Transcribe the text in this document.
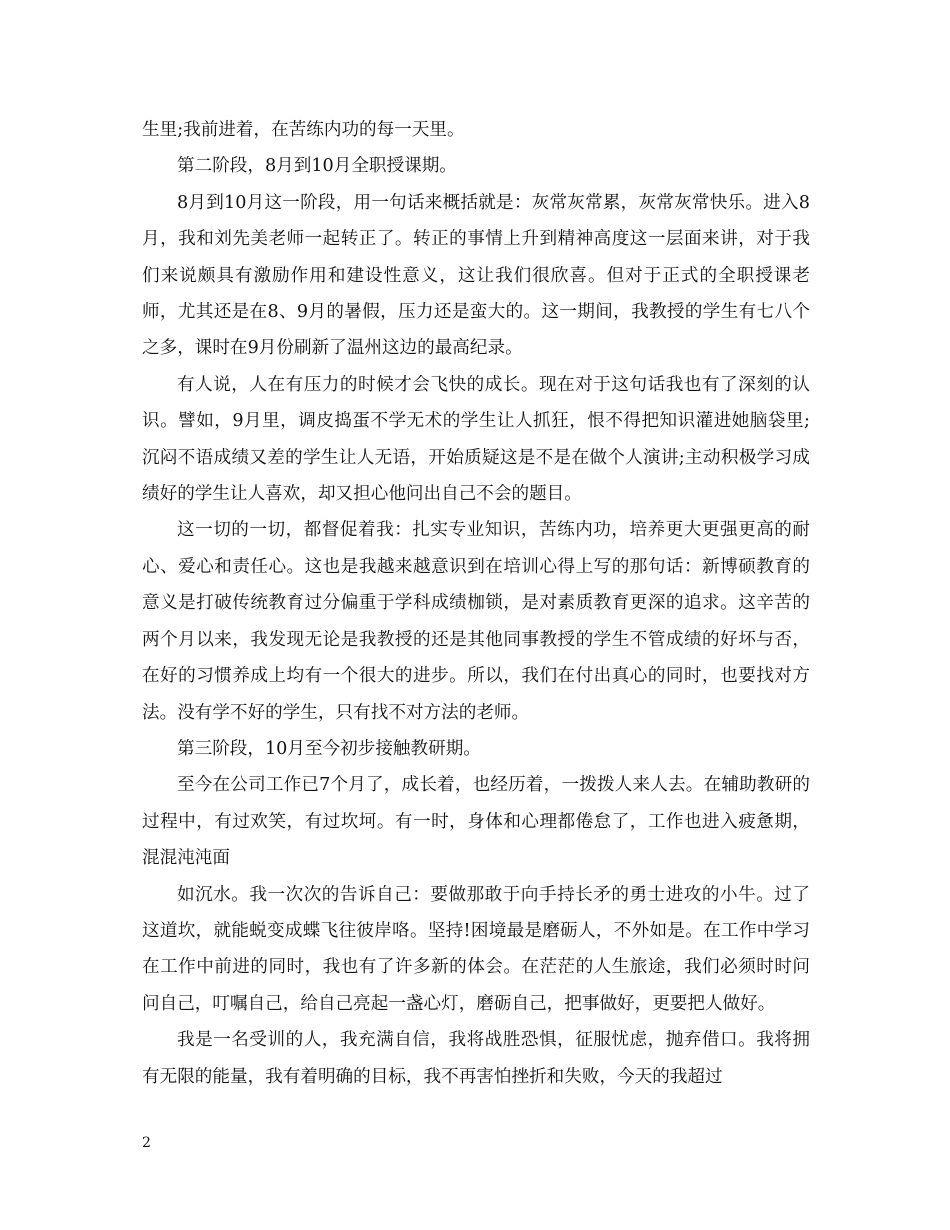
生里;我前进着，在苦练内功的每一天里。

第二阶段，8月到10月全职授课期。

8月到10月这一阶段，用一句话来概括就是：灰常灰常累，灰常灰常快乐。进入8月，我和刘先美老师一起转正了。转正的事情上升到精神高度这一层面来讲，对于我们来说颇具有激励作用和建设性意义，这让我们很欣喜。但对于正式的全职授课老师，尤其还是在8、9月的暑假，压力还是蛮大的。这一期间，我教授的学生有七八个之多，课时在9月份刷新了温州这边的最高纪录。

有人说，人在有压力的时候才会飞快的成长。现在对于这句话我也有了深刻的认识。譬如，9月里，调皮捣蛋不学无术的学生让人抓狂，恨不得把知识灌进她脑袋里;沉闷不语成绩又差的学生让人无语，开始质疑这是不是在做个人演讲;主动积极学习成绩好的学生让人喜欢，却又担心他问出自己不会的题目。

这一切的一切，都督促着我：扎实专业知识，苦练内功，培养更大更强更高的耐心、爱心和责任心。这也是我越来越意识到在培训心得上写的那句话：新博硕教育的意义是打破传统教育过分偏重于学科成绩枷锁，是对素质教育更深的追求。这辛苦的两个月以来，我发现无论是我教授的还是其他同事教授的学生不管成绩的好坏与否，在好的习惯养成上均有一个很大的进步。所以，我们在付出真心的同时，也要找对方法。没有学不好的学生，只有找不对方法的老师。

第三阶段，10月至今初步接触教研期。

至今在公司工作已7个月了，成长着，也经历着，一拨拨人来人去。在辅助教研的过程中，有过欢笑，有过坎坷。有一时，身体和心理都倦怠了，工作也进入疲惫期，混混沌沌面

如沉水。我一次次的告诉自己：要做那敢于向手持长矛的勇士进攻的小牛。过了这道坎，就能蜕变成蝶飞往彼岸咯。坚持!困境最是磨砺人，不外如是。在工作中学习在工作中前进的同时，我也有了许多新的体会。在茫茫的人生旅途，我们必须时时问问自己，叮嘱自己，给自己亮起一盏心灯，磨砺自己，把事做好，更要把人做好。

我是一名受训的人，我充满自信，我将战胜恐惧，征服忧虑，抛弃借口。我将拥有无限的能量，我有着明确的目标，我不再害怕挫折和失败，今天的我超过

2
